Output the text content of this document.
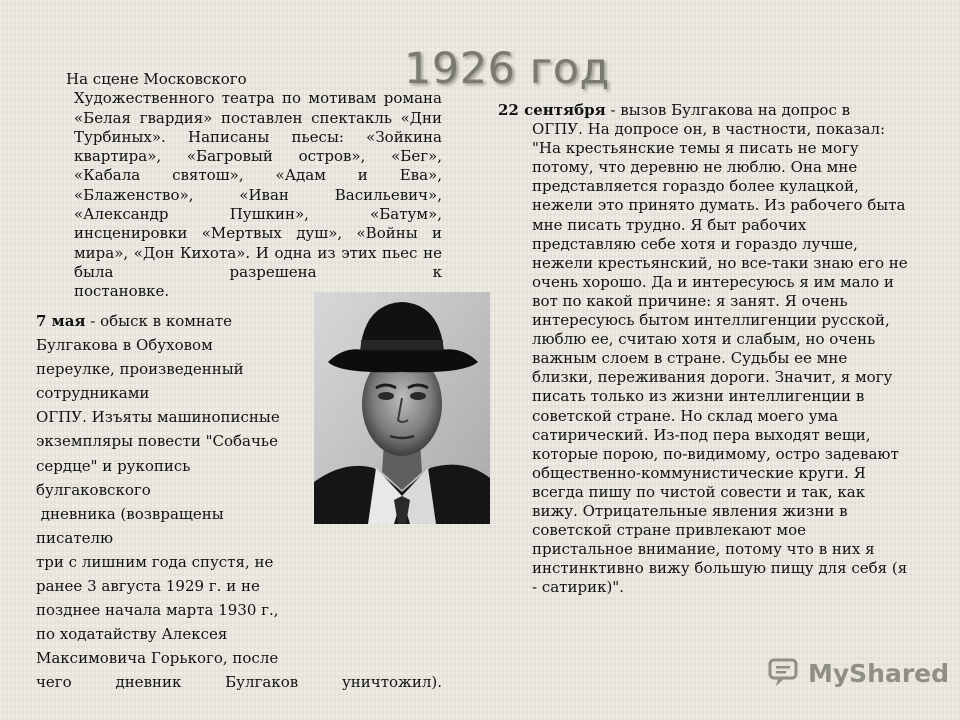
1926 год
На сцене Московского
Художественного театра по мотивам романа «Белая гвардия» поставлен спектакль «Дни Турбиных». Написаны пьесы: «Зойкина квартира», «Багровый остров», «Бег», «Кабала святош», «Адам и Ева», «Блаженство», «Иван Васильевич», «Александр Пушкин», «Батум», инсценировки «Мертвых душ», «Войны и мира», «Дон Кихота». И одна из этих пьес не была разрешена к
постановке.
7 мая - обыск в комнате
Булгакова в Обуховом
переулке, произведенный
сотрудниками
ОГПУ. Изъяты машинописные
экземпляры повести "Собачье
сердце" и рукопись
булгаковского
дневника (возвращены
писателю
три с лишним года спустя, не
ранее 3 августа 1929 г. и не
позднее начала марта 1930 г.,
по ходатайству Алексея
Максимовича Горького, после
чего	дневник	Булгаков	уничтожил).
22 сентября - вызов Булгакова на допрос в
ОГПУ. На допросе он, в частности, показал: "На крестьянские темы я писать не могу потому, что деревню не люблю. Она мне представляется гораздо более кулацкой, нежели это принято думать. Из рабочего быта мне писать трудно. Я быт рабочих представляю себе хотя и гораздо лучше, нежели крестьянский, но все-таки знаю его не очень хорошо. Да и интересуюсь я им мало и вот по какой причине: я занят. Я очень интересуюсь бытом интеллигенции русской, люблю ее, считаю хотя и слабым, но очень важным слоем в стране. Судьбы ее мне близки, переживания дороги. Значит, я могу писать только из жизни интеллигенции в советской стране. Но склад моего ума сатирический. Из-под пера выходят вещи, которые порою, по-видимому, остро задевают общественно-коммунистические круги. Я всегда пишу по чистой совести и так, как вижу. Отрицательные явления жизни в советской стране привлекают мое пристальное внимание, потому что в них я инстинктивно вижу большую пищу для себя (я - сатирик)".
MyShared
